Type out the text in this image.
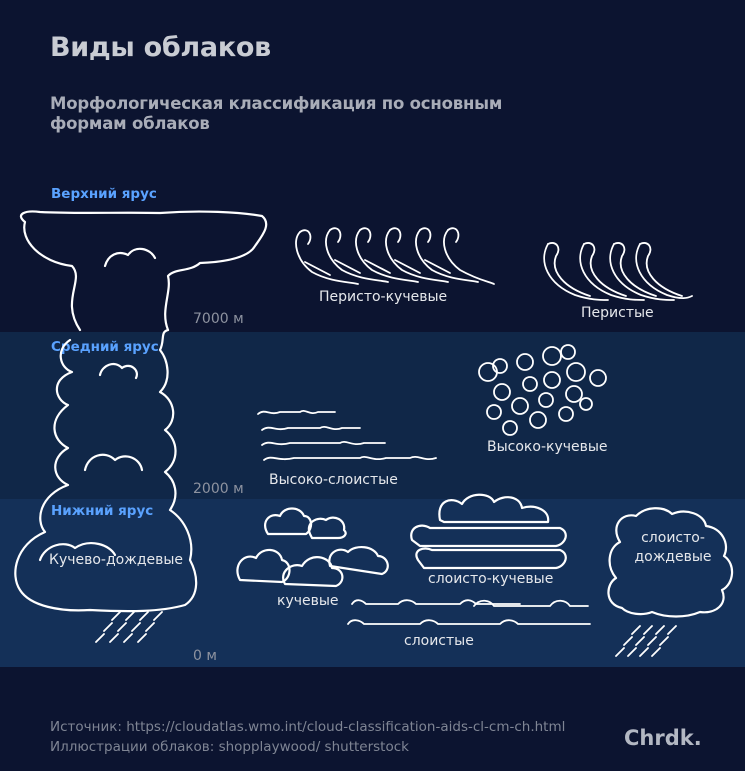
Виды облаков
Морфологическая классификация по основным формам облаков
Верхний ярус
Средний ярус
Нижний ярус
7000 м
2000 м
0 м
Перисто-кучевые
Перистые
Высоко-кучевые
Высоко-слоистые
Кучево-дождевые
кучевые
слоисто-кучевые
слоистые
слоисто-
дождевые
Источник: https://cloudatlas.wmo.int/cloud-classification-aids-cl-cm-ch.html
Иллюстрации облаков: shopplaywood/ shutterstock	Chrdk.
